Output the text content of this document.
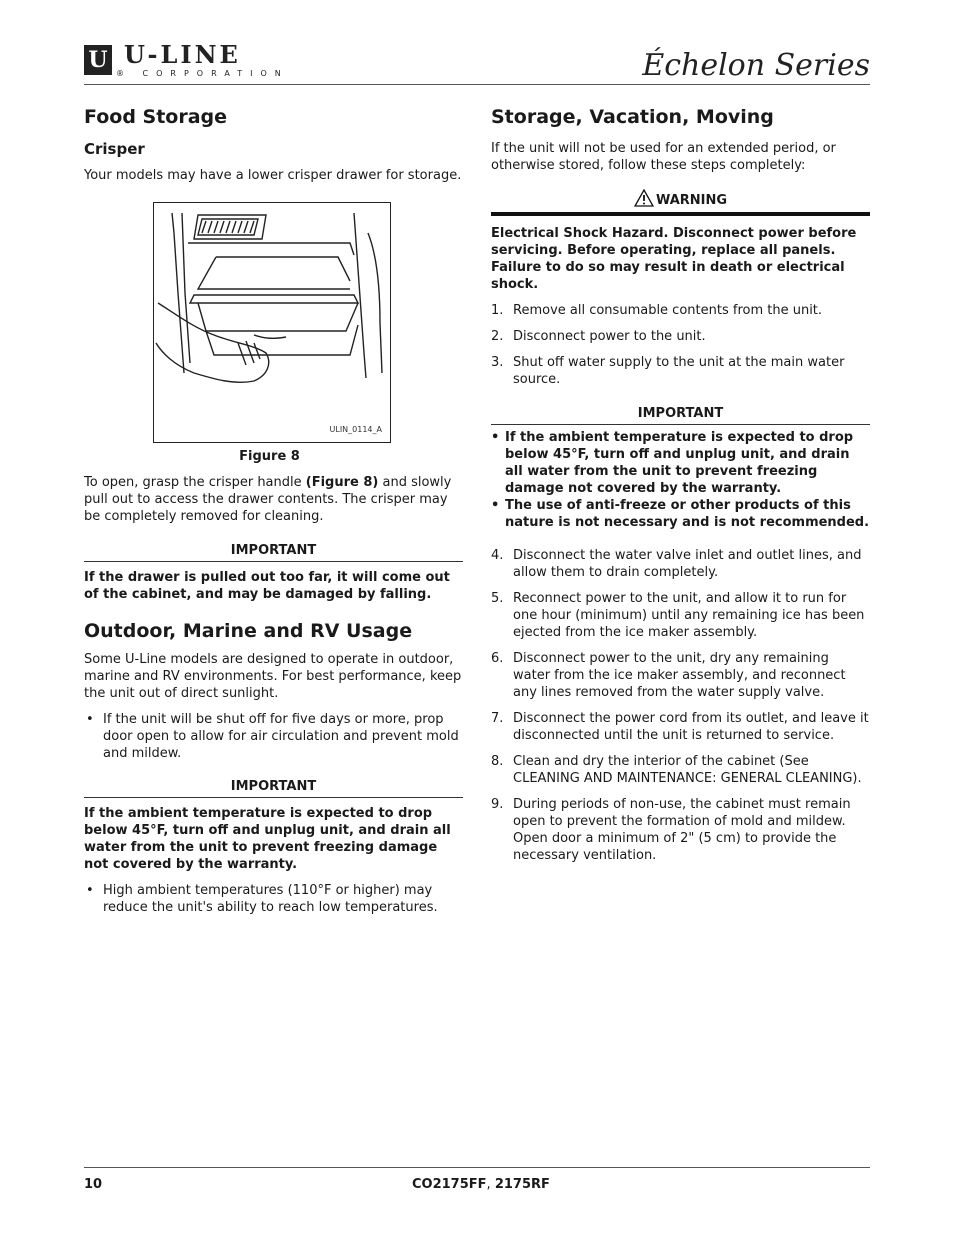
U U-LINE
® CORPORATION	Échelon Series
Food Storage
Crisper

Your models may have a lower crisper drawer for storage.

ULIN_0114_A
Figure 8

To open, grasp the crisper handle (Figure 8) and slowly pull out to access the drawer contents. The crisper may be completely removed for cleaning.

IMPORTANT

If the drawer is pulled out too far, it will come out of the cabinet, and may be damaged by falling.

Outdoor, Marine and RV Usage

Some U-Line models are designed to operate in outdoor, marine and RV environments. For best performance, keep the unit out of direct sunlight.

• If the unit will be shut off for five days or more, prop door open to allow for air circulation and prevent mold and mildew.
IMPORTANT

If the ambient temperature is expected to drop below 45°F, turn off and unplug unit, and drain all water from the unit to prevent freezing damage not covered by the warranty.

• High ambient temperatures (110°F or higher) may reduce the unit's ability to reach low temperatures.
Storage, Vacation, Moving

If the unit will not be used for an extended period, or otherwise stored, follow these steps completely:

WARNING

Electrical Shock Hazard. Disconnect power before servicing. Before operating, replace all panels. Failure to do so may result in death or electrical shock.

1. Remove all consumable contents from the unit.
2. Disconnect power to the unit.
3. Shut off water supply to the unit at the main water source.
IMPORTANT
• If the ambient temperature is expected to drop below 45°F, turn off and unplug unit, and drain all water from the unit to prevent freezing damage not covered by the warranty.
• The use of anti-freeze or other products of this nature is not necessary and is not recommended.
4. Disconnect the water valve inlet and outlet lines, and allow them to drain completely.
5. Reconnect power to the unit, and allow it to run for one hour (minimum) until any remaining ice has been ejected from the ice maker assembly.
6. Disconnect power to the unit, dry any remaining water from the ice maker assembly, and reconnect any lines removed from the water supply valve.
7. Disconnect the power cord from its outlet, and leave it disconnected until the unit is returned to service.
8. Clean and dry the interior of the cabinet (See CLEANING AND MAINTENANCE: GENERAL CLEANING).
9. During periods of non-use, the cabinet must remain open to prevent the formation of mold and mildew. Open door a minimum of 2" (5 cm) to provide the necessary ventilation.
10	CO2175FF, 2175RF
